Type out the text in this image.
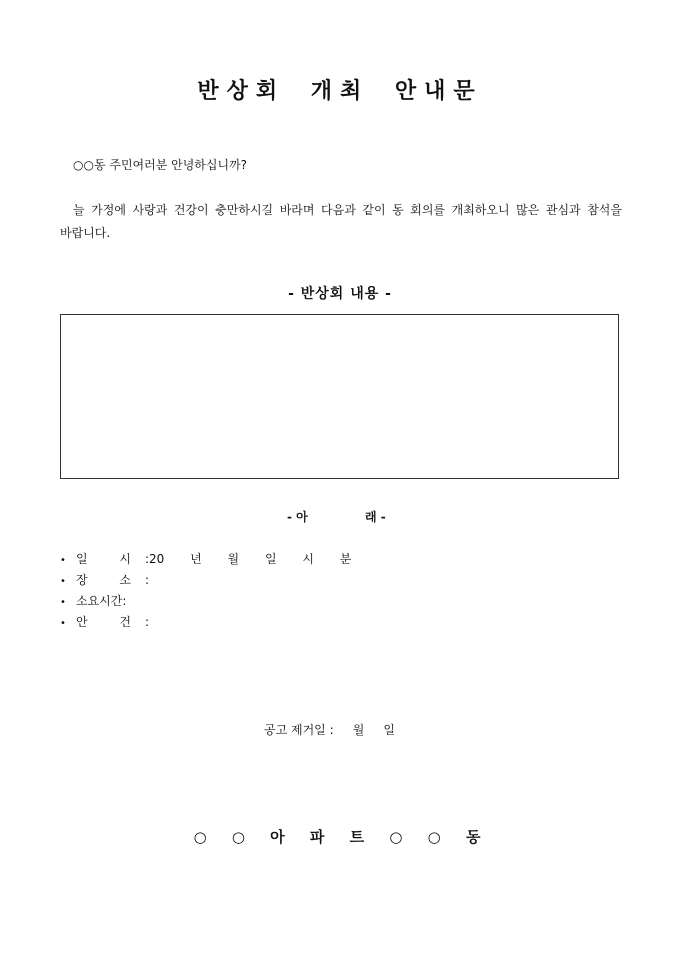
반상회 개최 안내문
○○동 주민여러분 안녕하십니까?
늘 가정에 사랑과 건강이 충만하시길 바라며 다음과 같이 동 회의를 개최하오니 많은 관심과 참석을 바랍니다.
- 반상회 내용 -
- 아	래 -
• 일 시:20 년 월 일 시 분
• 장 소:
• 소요시간:
• 안 건:
공고 제거일 :     월     일
○ ○ 아 파 트 ○ ○ 동
